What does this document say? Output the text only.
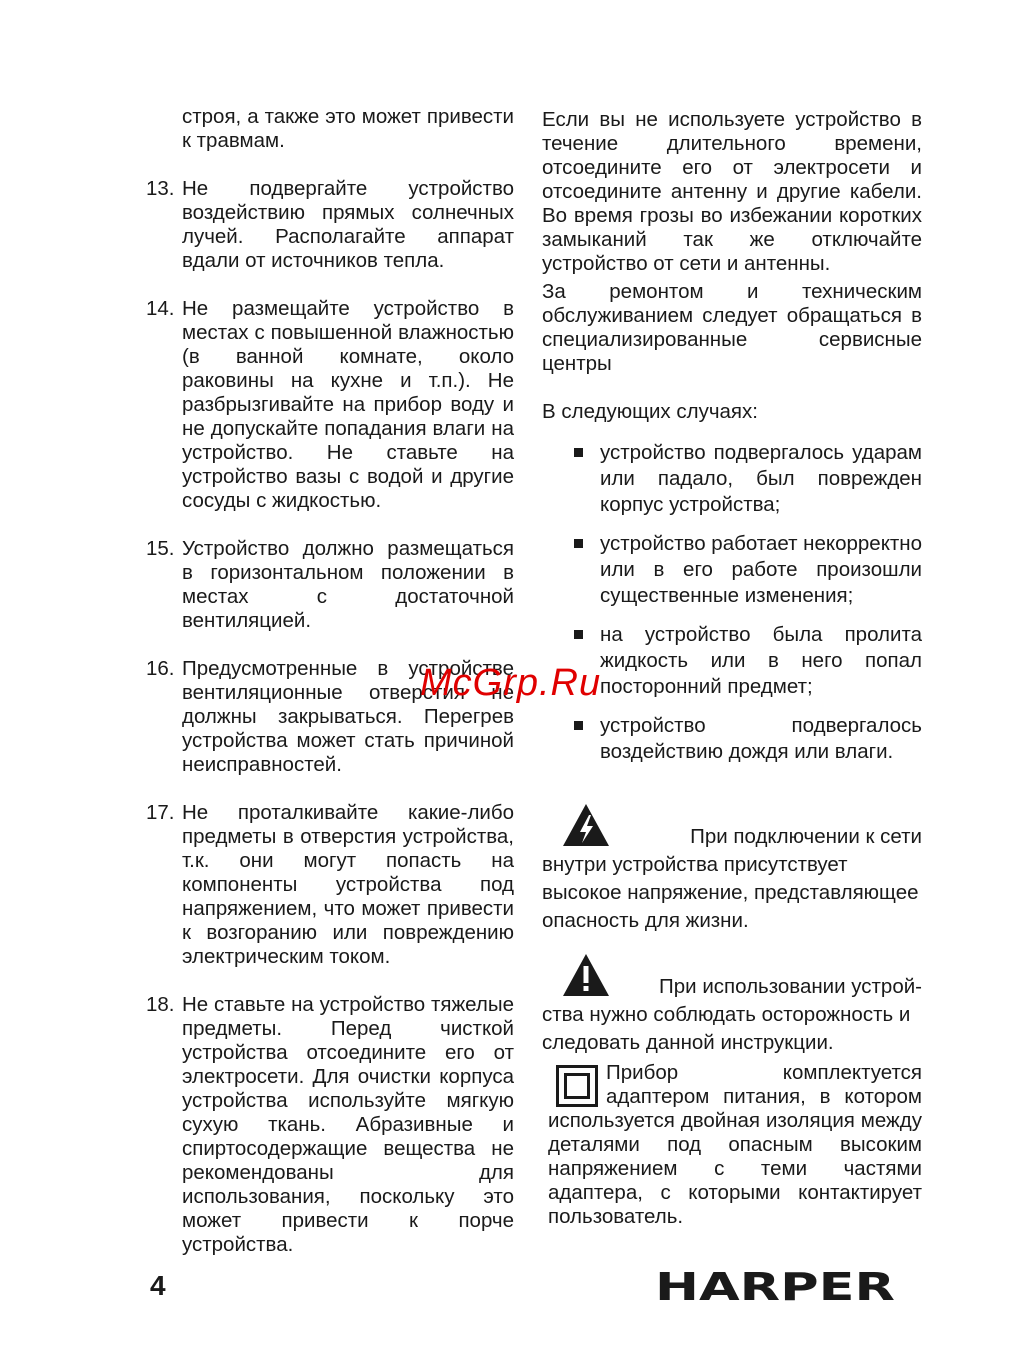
строя, а также это может привести к травмам.
13. Не подвергайте устройство воздействию прямых солнечных лучей. Располагайте аппарат вдали от источников тепла.
14. Не размещайте устройство в местах с повышенной влажностью (в ванной комнате, около раковины на кухне и т.п.). Не разбрызгивайте на прибор воду и не допускайте попадания влаги на устройство. Не ставьте на устройство вазы с водой и другие сосуды с жидкостью.
15. Устройство должно размещаться в горизонтальном положении в местах с достаточной вентиляцией.
16. Предусмотренные в устройстве вентиляционные отверстия не должны закрываться. Перегрев устройства может стать причиной неисправностей.
17. Не проталкивайте какие-либо предметы в отверстия устройства, т.к. они могут попасть на компоненты устройства под напряжением, что может привести к возгоранию или повреждению электрическим током.
18. Не ставьте на устройство тяжелые предметы. Перед чисткой устройства отсоедините его от электросети. Для очистки корпуса устройства используйте мягкую сухую ткань. Абразивные и спиртосодержащие вещества не рекомендованы для использования, поскольку это может привести к порче устройства.

Если вы не используете устройство в течение длительного времени, отсоедините его от электросети и отсоедините антенну и другие кабели. Во время грозы во избежании коротких замыканий так же отключайте устройство от сети и антенны.

За ремонтом и техническим обслуживанием следует обращаться в специализированные сервисные центры

В следующих случаях:

устройство подвергалось ударам или падало, был поврежден корпус устройства;
устройство работает некорректно или в его работе произошли существенные изменения;
на устройство была пролита жидкость или в него попал посторонний предмет;
устройство подвергалось воздействию дождя или влаги.
При подключении к сети
внутри устройства присутствует высокое напряжение, представляющее опасность для жизни.
При использовании устрой-
ства нужно соблюдать осторожность и следовать данной инструкции.
Прибор комплектуется адаптером питания, в котором используется двойная изоляция между деталями под опасным высоким напряжением с теми частями адаптера, с которыми контактирует пользователь.
McGrp.Ru
4	HARPER
